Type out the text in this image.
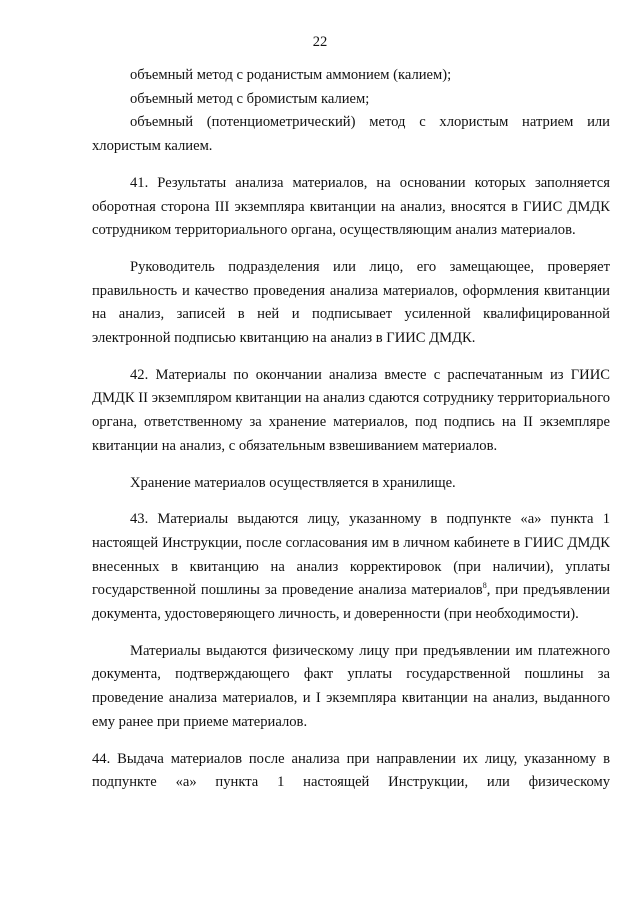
22

объемный метод с роданистым аммонием (калием);

объемный метод с бромистым калием;

объемный (потенциометрический) метод с хлористым натрием или хлористым калием.

41. Результаты анализа материалов, на основании которых заполняется оборотная сторона III экземпляра квитанции на анализ, вносятся в ГИИС ДМДК сотрудником территориального органа, осуществляющим анализ материалов.

Руководитель подразделения или лицо, его замещающее, проверяет правильность и качество проведения анализа материалов, оформления квитанции на анализ, записей в ней и подписывает усиленной квалифицированной электронной подписью квитанцию на анализ в ГИИС ДМДК.

42. Материалы по окончании анализа вместе с распечатанным из ГИИС ДМДК II экземпляром квитанции на анализ сдаются сотруднику территориального органа, ответственному за хранение материалов, под подпись на II экземпляре квитанции на анализ, с обязательным взвешиванием материалов.

Хранение материалов осуществляется в хранилище.

43. Материалы выдаются лицу, указанному в подпункте «а» пункта 1 настоящей Инструкции, после согласования им в личном кабинете в ГИИС ДМДК внесенных в квитанцию на анализ корректировок (при наличии), уплаты государственной пошлины за проведение анализа материалов$^8$, при предъявлении документа, удостоверяющего личность, и доверенности (при необходимости).

Материалы выдаются физическому лицу при предъявлении им платежного документа, подтверждающего факт уплаты государственной пошлины за проведение анализа материалов, и I экземпляра квитанции на анализ, выданного ему ранее при приеме материалов.

44. Выдача материалов после анализа при направлении их лицу, указанному в подпункте «а» пункта 1 настоящей Инструкции, или физическому
